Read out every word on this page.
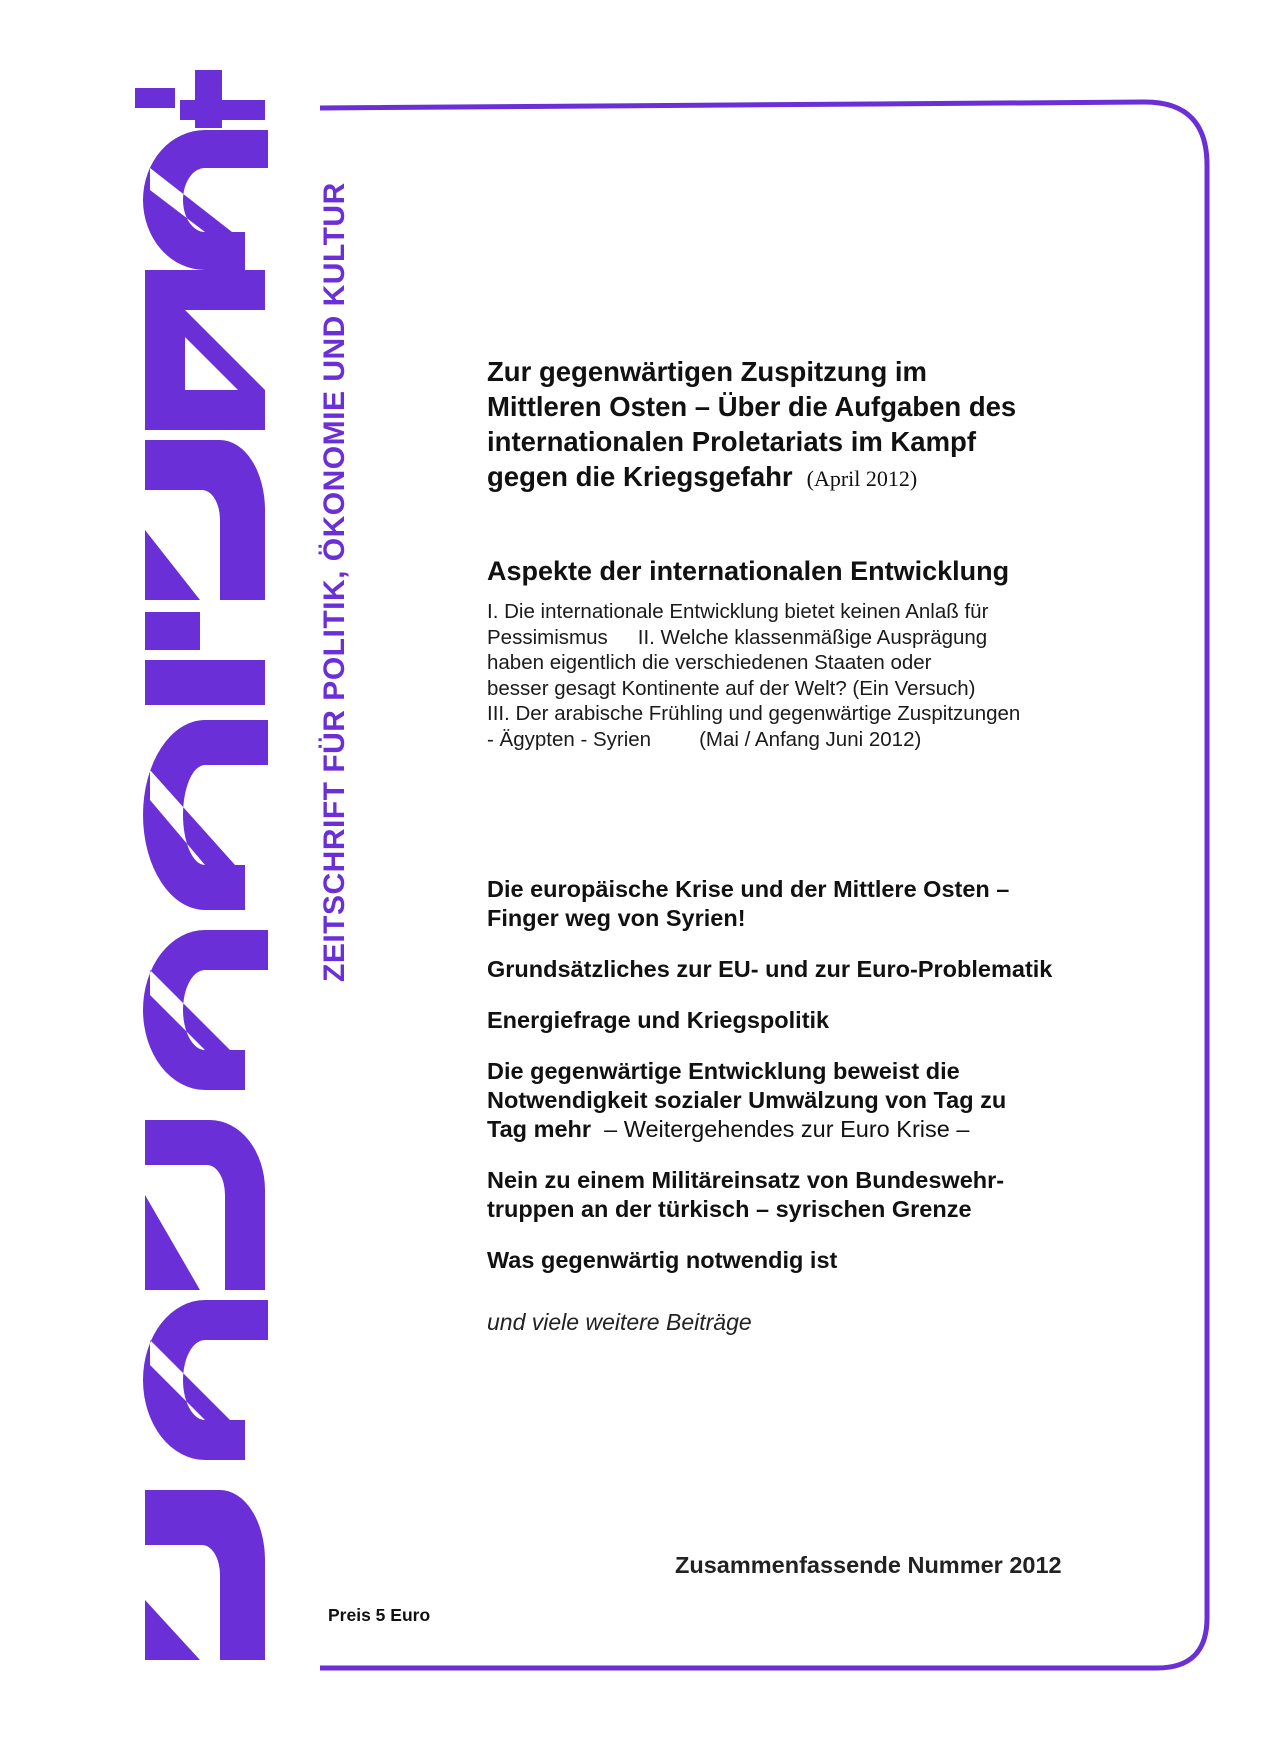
ZEITSCHRIFT FÜR POLITIK, ÖKONOMIE UND KULTUR	Zur gegenwärtigen Zuspitzung im

Mittleren Osten – Über die Aufgaben des

internationalen Proletariats im Kampf

gegen die Kriegsgefahr (April 2012)

Aspekte der internationalen Entwicklung

I. Die internationale Entwicklung bietet keinen Anlaß für
Pessimismus II. Welche klassenmäßige Ausprägung
haben eigentlich die verschiedenen Staaten oder
besser gesagt Kontinente auf der Welt? (Ein Versuch)
III. Der arabische Frühling und gegenwärtige Zuspitzungen
- Ägypten - Syrien (Mai / Anfang Juni 2012)

Die europäische Krise und der Mittlere Osten –
Finger weg von Syrien!

Grundsätzliches zur EU- und zur Euro-Problematik

Energiefrage und Kriegspolitik

Die gegenwärtige Entwicklung beweist die
Notwendigkeit sozialer Umwälzung von Tag zu
Tag mehr – Weitergehendes zur Euro Krise –

Nein zu einem Militäreinsatz von Bundeswehr-
truppen an der türkisch – syrischen Grenze

Was gegenwärtig notwendig ist

und viele weitere Beiträge

Zusammenfassende Nummer 2012
Preis 5 Euro
